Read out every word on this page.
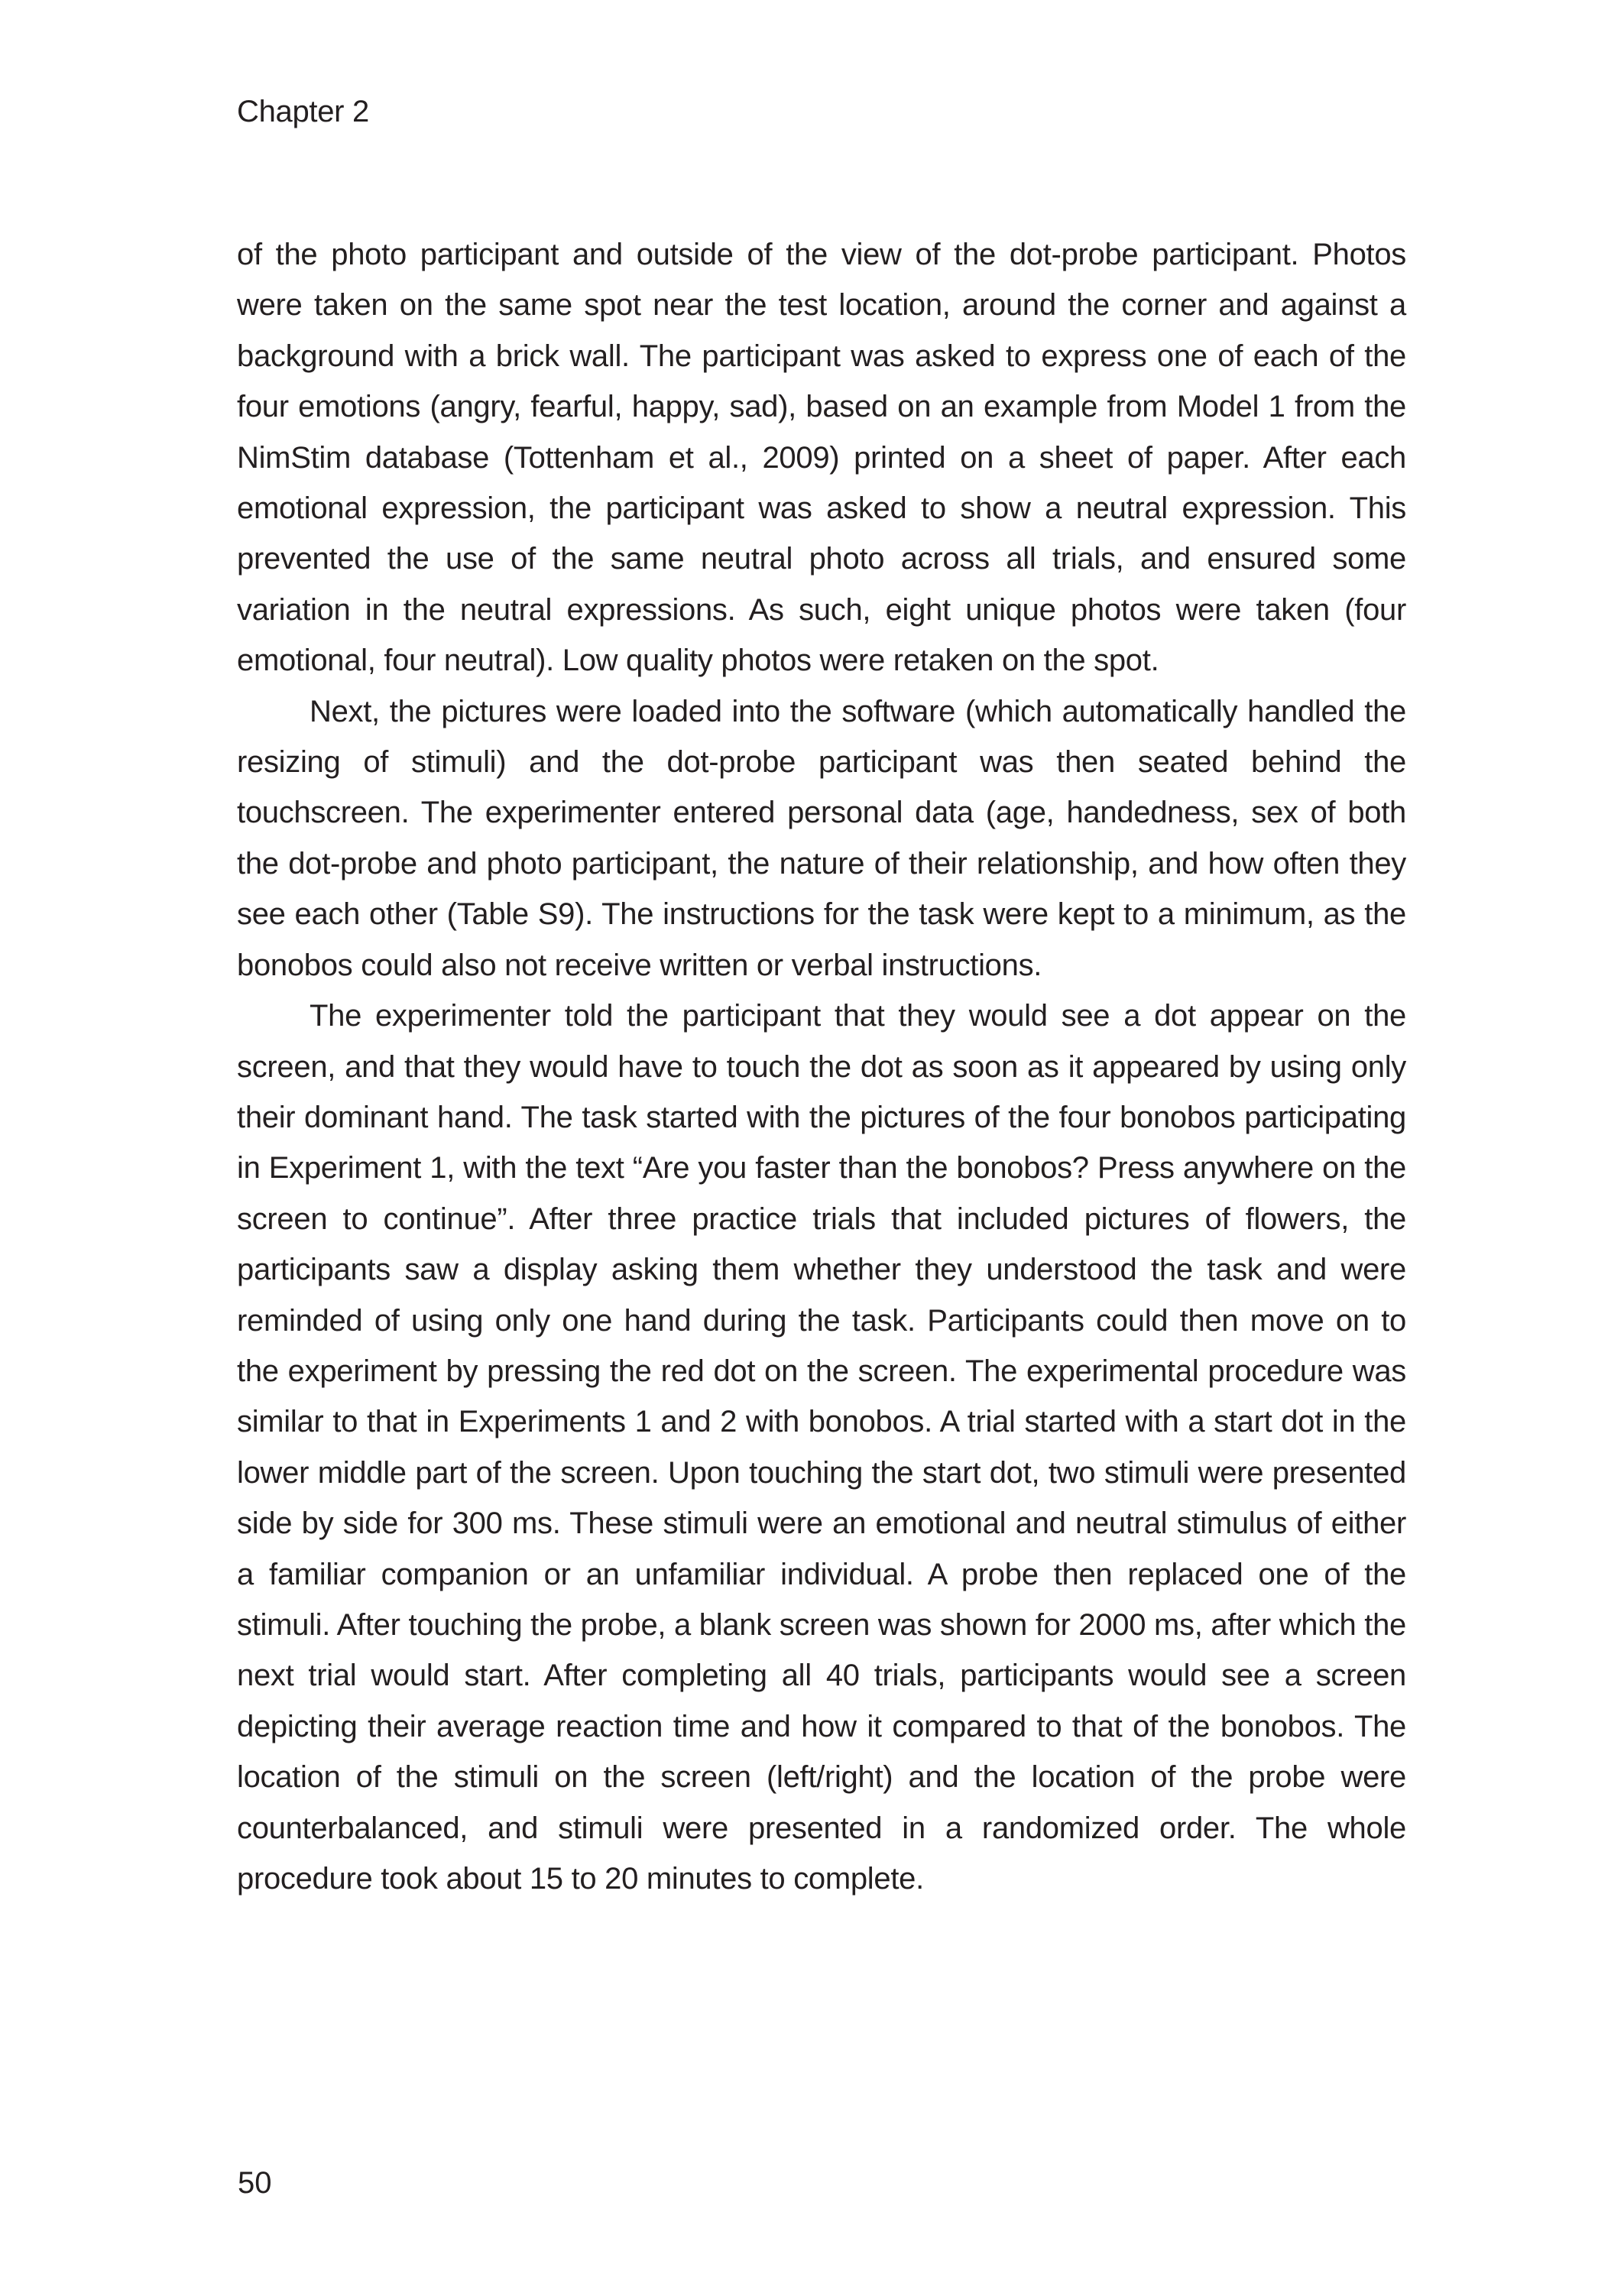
Chapter 2

of the photo participant and outside of the view of the dot-probe participant. Photos were taken on the same spot near the test location, around the corner and against a background with a brick wall. The participant was asked to express one of each of the four emotions (angry, fearful, happy, sad), based on an example from Model 1 from the NimStim database (Tottenham et al., 2009) printed on a sheet of paper. After each emotional expression, the participant was asked to show a neutral expression. This prevented the use of the same neutral photo across all trials, and ensured some variation in the neutral expressions. As such, eight unique photos were taken (four emotional, four neutral). Low quality photos were retaken on the spot.

Next, the pictures were loaded into the software (which automatically handled the resizing of stimuli) and the dot-probe participant was then seated behind the touchscreen. The experimenter entered personal data (age, handedness, sex of both the dot-probe and photo participant, the nature of their relationship, and how often they see each other (Table S9). The instructions for the task were kept to a minimum, as the bonobos could also not receive written or verbal instructions.

The experimenter told the participant that they would see a dot appear on the screen, and that they would have to touch the dot as soon as it appeared by using only their dominant hand. The task started with the pictures of the four bonobos participating in Experiment 1, with the text “Are you faster than the bonobos? Press anywhere on the screen to continue”. After three practice trials that included pictures of flowers, the participants saw a display asking them whether they understood the task and were reminded of using only one hand during the task. Participants could then move on to the experiment by pressing the red dot on the screen. The experimental procedure was similar to that in Experiments 1 and 2 with bonobos. A trial started with a start dot in the lower middle part of the screen. Upon touching the start dot, two stimuli were presented side by side for 300 ms. These stimuli were an emotional and neutral stimulus of either a familiar companion or an unfamiliar individual. A probe then replaced one of the stimuli. After touching the probe, a blank screen was shown for 2000 ms, after which the next trial would start. After completing all 40 trials, participants would see a screen depicting their average reaction time and how it compared to that of the bonobos. The location of the stimuli on the screen (left/right) and the location of the probe were counterbalanced, and stimuli were presented in a randomized order. The whole procedure took about 15 to 20 minutes to complete.

50
